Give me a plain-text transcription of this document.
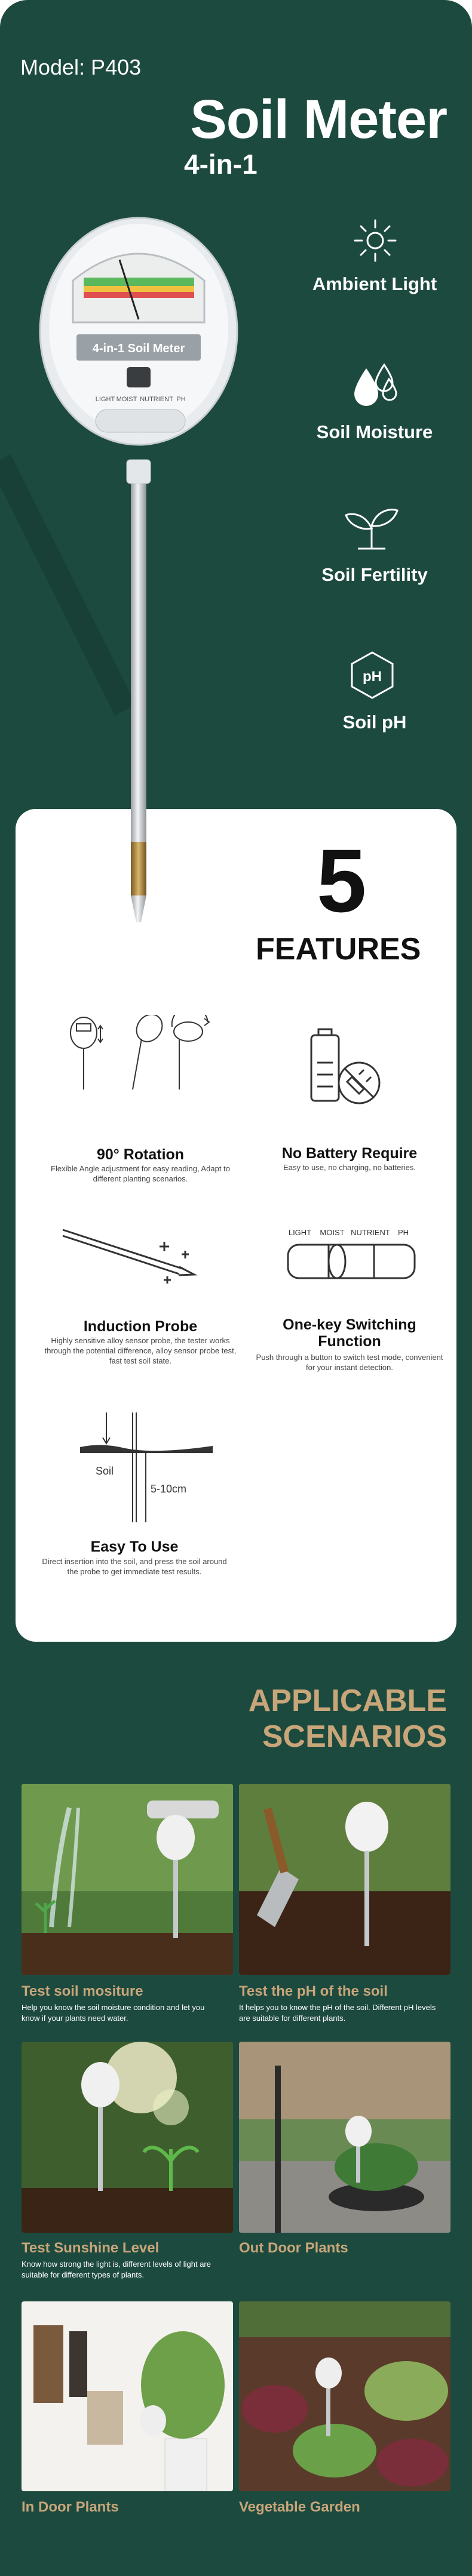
Model: P403
Soil Meter
4-in-1
4-in-1 Soil Meter
LIGHT MOIST NUTRIENT PH
Ambient Light
Soil Moisture
Soil Fertility
pH
Soil pH
5
FEATURES
90° Rotation
Flexible Angle adjustment for easy reading, Adapt to different planting scenarios.
No Battery Require
Easy to use, no charging, no batteries.
Induction Probe
Highly sensitive alloy sensor probe, the tester works through the potential difference, alloy sensor probe test, fast test soil state.
LIGHT MOIST NUTRIENT PH
One-key Switching Function
Push through a button to switch test mode, convenient for your instant detection.
Soil
5-10cm
Easy To Use
Direct insertion into the soil, and press the soil around the probe to get immediate test results.
APPLICABLE
SCENARIOS
Test soil mositure
Help you know the soil moisture condition and let you know if your plants need water.
Test the pH of the soil
It helps you to know the pH of the soil. Different pH levels are suitable for different plants.
Test Sunshine Level
Know how strong the light is, different levels of light are suitable for different types of plants.
Out Door Plants
In Door Plants	Vegetable Garden
